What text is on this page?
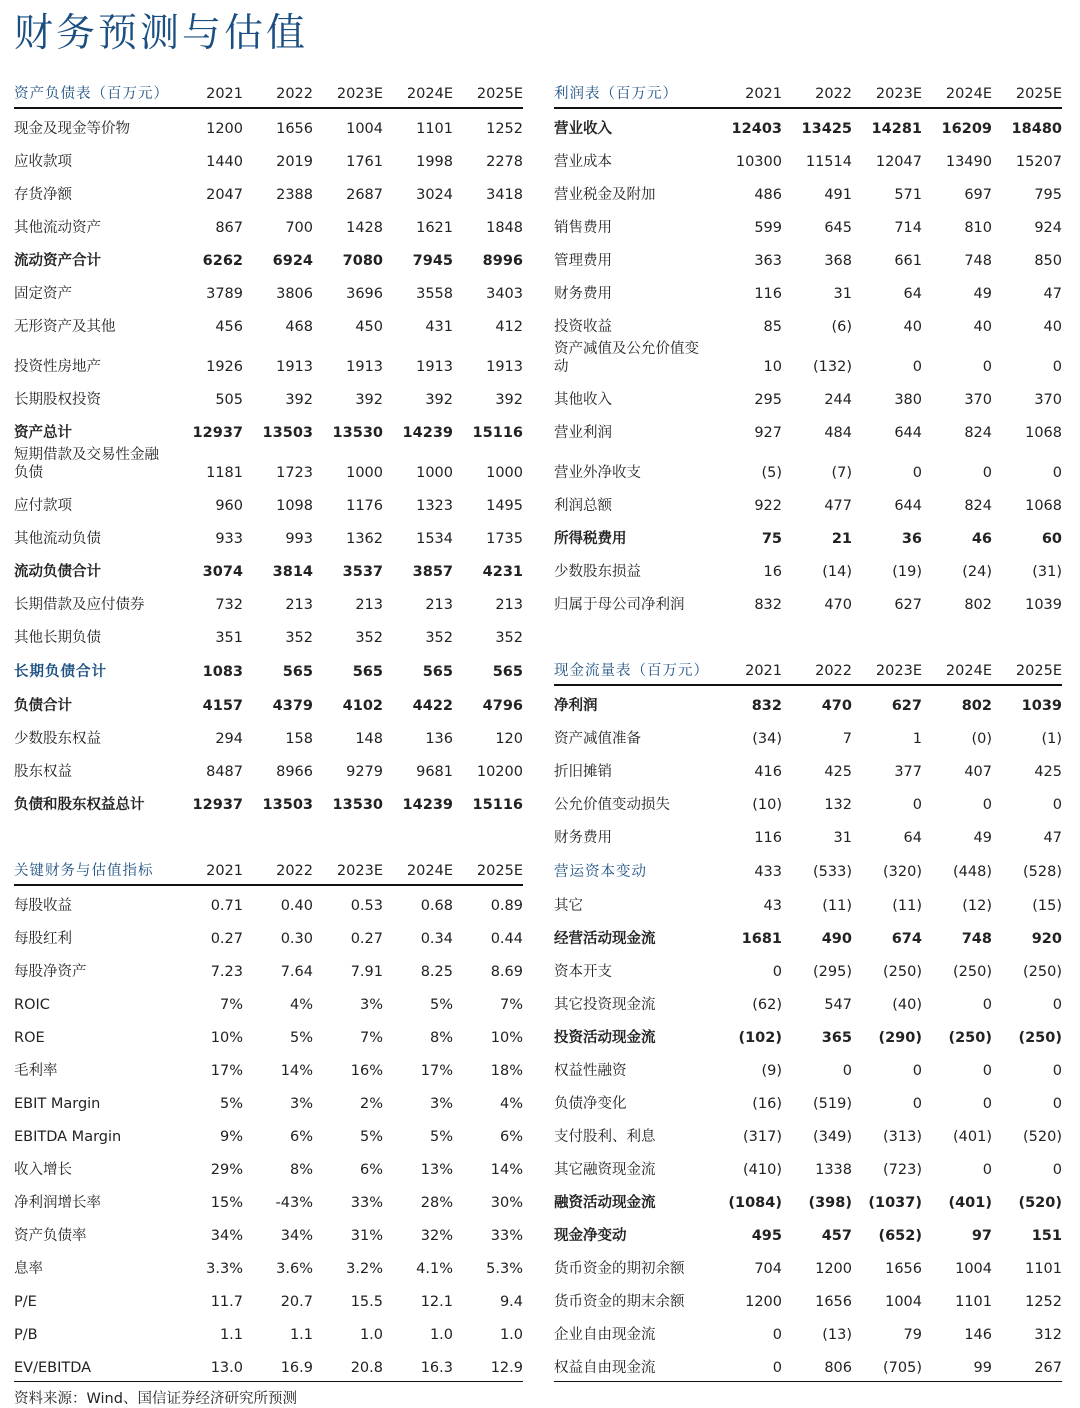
财务预测与估值
资产负债表（百万元）	2021	2022	2023E	2024E	2025E		利润表（百万元）	2021	2022	2023E	2024E	2025E
现金及现金等价物	1200	1656	1004	1101	1252		营业收入	12403	13425	14281	16209	18480
应收款项	1440	2019	1761	1998	2278		营业成本	10300	11514	12047	13490	15207
存货净额	2047	2388	2687	3024	3418		营业税金及附加	486	491	571	697	795
其他流动资产	867	700	1428	1621	1848		销售费用	599	645	714	810	924
流动资产合计	6262	6924	7080	7945	8996		管理费用	363	368	661	748	850
固定资产	3789	3806	3696	3558	3403		财务费用	116	31	64	49	47
无形资产及其他	456	468	450	431	412		投资收益	85	(6)	40	40	40
投资性房地产	1926	1913	1913	1913	1913		资产减值及公允价值变动	10	(132)	0	0	0
长期股权投资	505	392	392	392	392		其他收入	295	244	380	370	370
资产总计	12937	13503	13530	14239	15116		营业利润	927	484	644	824	1068
短期借款及交易性金融负债	1181	1723	1000	1000	1000		营业外净收支	(5)	(7)	0	0	0
应付款项	960	1098	1176	1323	1495		利润总额	922	477	644	824	1068
其他流动负债	933	993	1362	1534	1735		所得税费用	75	21	36	46	60
流动负债合计	3074	3814	3537	3857	4231		少数股东损益	16	(14)	(19)	(24)	(31)
长期借款及应付债券	732	213	213	213	213		归属于母公司净利润	832	470	627	802	1039
其他长期负债	351	352	352	352	352							
长期负债合计	1083	565	565	565	565		现金流量表（百万元）	2021	2022	2023E	2024E	2025E
负债合计	4157	4379	4102	4422	4796		净利润	832	470	627	802	1039
少数股东权益	294	158	148	136	120		资产减值准备	(34)	7	1	(0)	(1)
股东权益	8487	8966	9279	9681	10200		折旧摊销	416	425	377	407	425
负债和股东权益总计	12937	13503	13530	14239	15116		公允价值变动损失	(10)	132	0	0	0
							财务费用	116	31	64	49	47
关键财务与估值指标	2021	2022	2023E	2024E	2025E		营运资本变动	433	(533)	(320)	(448)	(528)
每股收益	0.71	0.40	0.53	0.68	0.89		其它	43	(11)	(11)	(12)	(15)
每股红利	0.27	0.30	0.27	0.34	0.44		经营活动现金流	1681	490	674	748	920
每股净资产	7.23	7.64	7.91	8.25	8.69		资本开支	0	(295)	(250)	(250)	(250)
ROIC	7%	4%	3%	5%	7%		其它投资现金流	(62)	547	(40)	0	0
ROE	10%	5%	7%	8%	10%		投资活动现金流	(102)	365	(290)	(250)	(250)
毛利率	17%	14%	16%	17%	18%		权益性融资	(9)	0	0	0	0
EBIT Margin	5%	3%	2%	3%	4%		负债净变化	(16)	(519)	0	0	0
EBITDA Margin	9%	6%	5%	5%	6%		支付股利、利息	(317)	(349)	(313)	(401)	(520)
收入增长	29%	8%	6%	13%	14%		其它融资现金流	(410)	1338	(723)	0	0
净利润增长率	15%	-43%	33%	28%	30%		融资活动现金流	(1084)	(398)	(1037)	(401)	(520)
资产负债率	34%	34%	31%	32%	33%		现金净变动	495	457	(652)	97	151
息率	3.3%	3.6%	3.2%	4.1%	5.3%		货币资金的期初余额	704	1200	1656	1004	1101
P/E	11.7	20.7	15.5	12.1	9.4		货币资金的期末余额	1200	1656	1004	1101	1252
P/B	1.1	1.1	1.0	1.0	1.0		企业自由现金流	0	(13)	79	146	312
EV/EBITDA	13.0	16.9	20.8	16.3	12.9		权益自由现金流	0	806	(705)	99	267
资料来源：Wind、国信证券经济研究所预测
